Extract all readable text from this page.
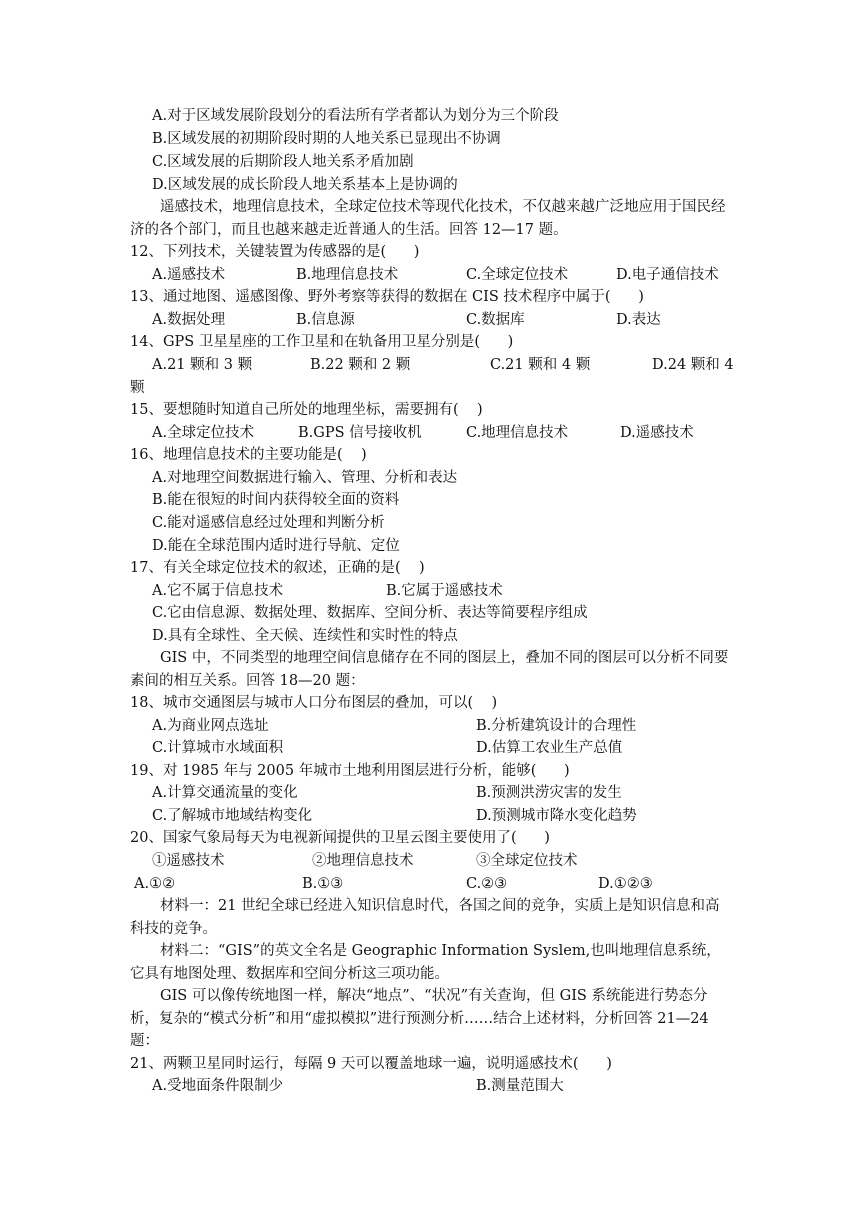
A.对于区域发展阶段划分的看法所有学者都认为划分为三个阶段
B.区域发展的初期阶段时期的人地关系已显现出不协调
C.区域发展的后期阶段人地关系矛盾加剧
D.区域发展的成长阶段人地关系基本上是协调的
遥感技术，地理信息技术，全球定位技术等现代化技术，不仅越来越广泛地应用于国民经济的各个部门，而且也越来越走近普通人的生活。回答 12—17 题。
12、下列技术，关键装置为传感器的是(      )
A.遥感技术	B.地理信息技术	C.全球定位技术	D.电子通信技术
13、通过地图、遥感图像、野外考察等获得的数据在 CIS 技术程序中属于(      )
A.数据处理	B.信息源	C.数据库	D.表达
14、GPS 卫星星座的工作卫星和在轨备用卫星分别是(      )
A.21 颗和 3 颗	B.22 颗和 2 颗	C.21 颗和 4 颗	D.24 颗和 4
颗
15、要想随时知道自己所处的地理坐标，需要拥有(    )
A.全球定位技术	B.GPS 信号接收机	C.地理信息技术	D.遥感技术
16、地理信息技术的主要功能是(    )
A.对地理空间数据进行输入、管理、分析和表达
B.能在很短的时间内获得较全面的资料
C.能对遥感信息经过处理和判断分析
D.能在全球范围内适时进行导航、定位
17、有关全球定位技术的叙述，正确的是(    )
A.它不属于信息技术	B.它属于遥感技术
C.它由信息源、数据处理、数据库、空间分析、表达等简要程序组成
D.具有全球性、全天候、连续性和实时性的特点
GIS 中，不同类型的地理空间信息储存在不同的图层上，叠加不同的图层可以分析不同要素间的相互关系。回答 18—20 题：
18、城市交通图层与城市人口分布图层的叠加，可以(    )
A.为商业网点选址	B.分析建筑设计的合理性
C.计算城市水域面积	D.估算工农业生产总值
19、对 1985 年与 2005 年城市土地利用图层进行分析，能够(      )
A.计算交通流量的变化	B.预测洪涝灾害的发生
C.了解城市地域结构变化	D.预测城市降水变化趋势
20、国家气象局每天为电视新闻提供的卫星云图主要使用了(      )
①遥感技术	②地理信息技术	③全球定位技术
A.①②	B.①③	C.②③	D.①②③
材料一：21 世纪全球已经进入知识信息时代，各国之间的竞争，实质上是知识信息和高科技的竞争。
材料二：“GIS”的英文全名是 Geographic Information Syslem,也叫地理信息系统，它具有地图处理、数据库和空间分析这三项功能。
GIS 可以像传统地图一样，解决“地点”、“状况”有关查询，但 GIS 系统能进行势态分析，复杂的“模式分析”和用“虚拟模拟”进行预测分析……结合上述材料，分析回答 21—24 题：
21、两颗卫星同时运行，每隔 9 天可以覆盖地球一遍，说明遥感技术(      )
A.受地面条件限制少	B.测量范围大
